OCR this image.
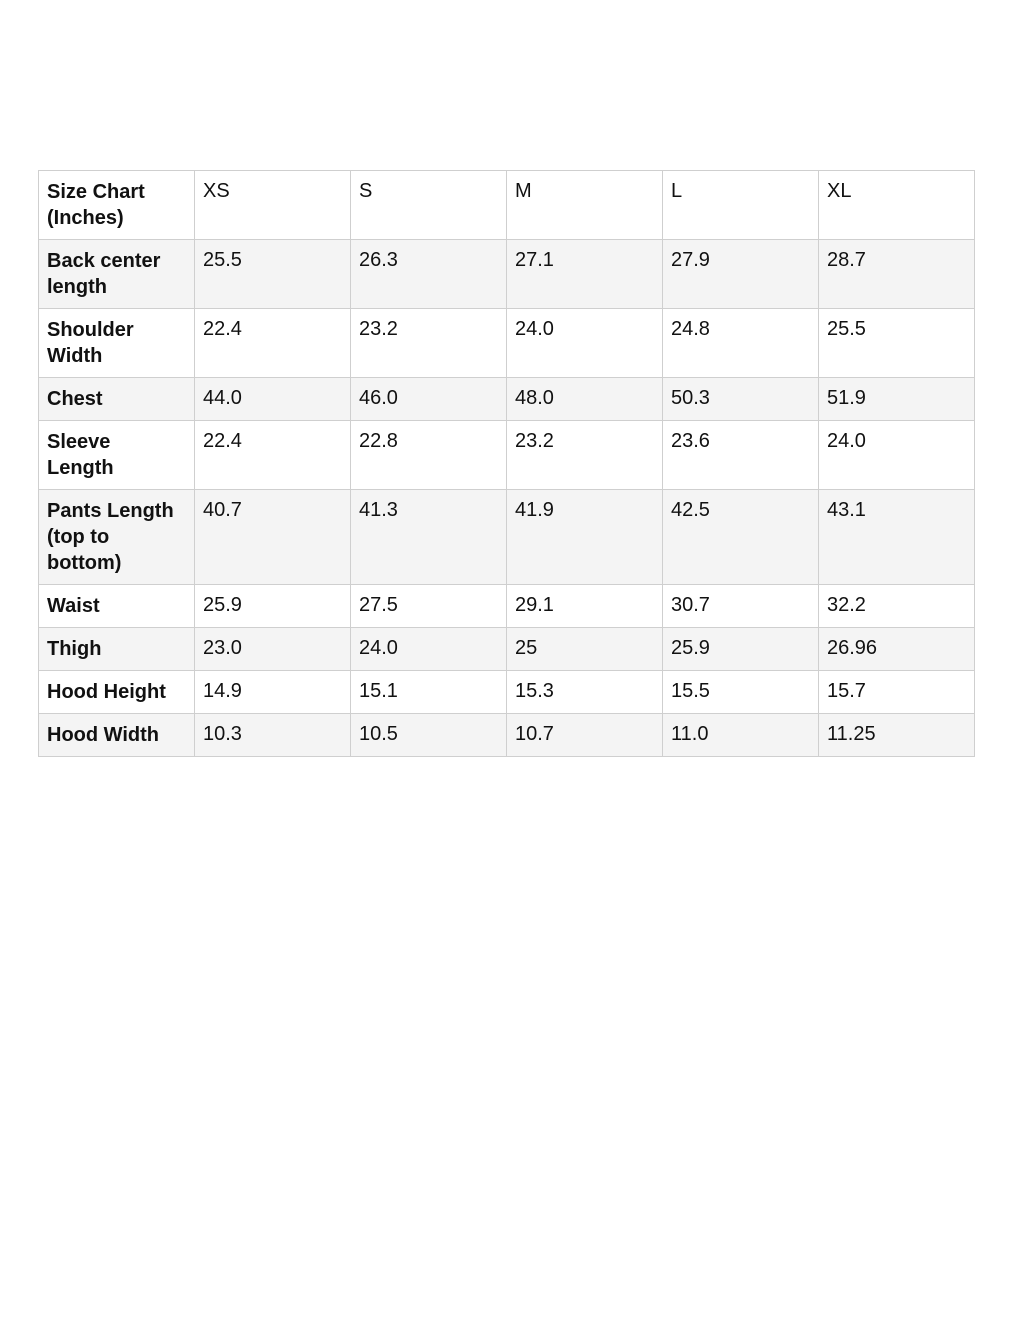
Size Chart
(Inches)	XS	S	M	L	XL
Back center
length	25.5	26.3	27.1	27.9	28.7
Shoulder
Width	22.4	23.2	24.0	24.8	25.5
Chest	44.0	46.0	48.0	50.3	51.9
Sleeve
Length	22.4	22.8	23.2	23.6	24.0
Pants Length
(top to
bottom)	40.7	41.3	41.9	42.5	43.1
Waist	25.9	27.5	29.1	30.7	32.2
Thigh	23.0	24.0	25	25.9	26.96
Hood Height	14.9	15.1	15.3	15.5	15.7
Hood Width	10.3	10.5	10.7	11.0	11.25
